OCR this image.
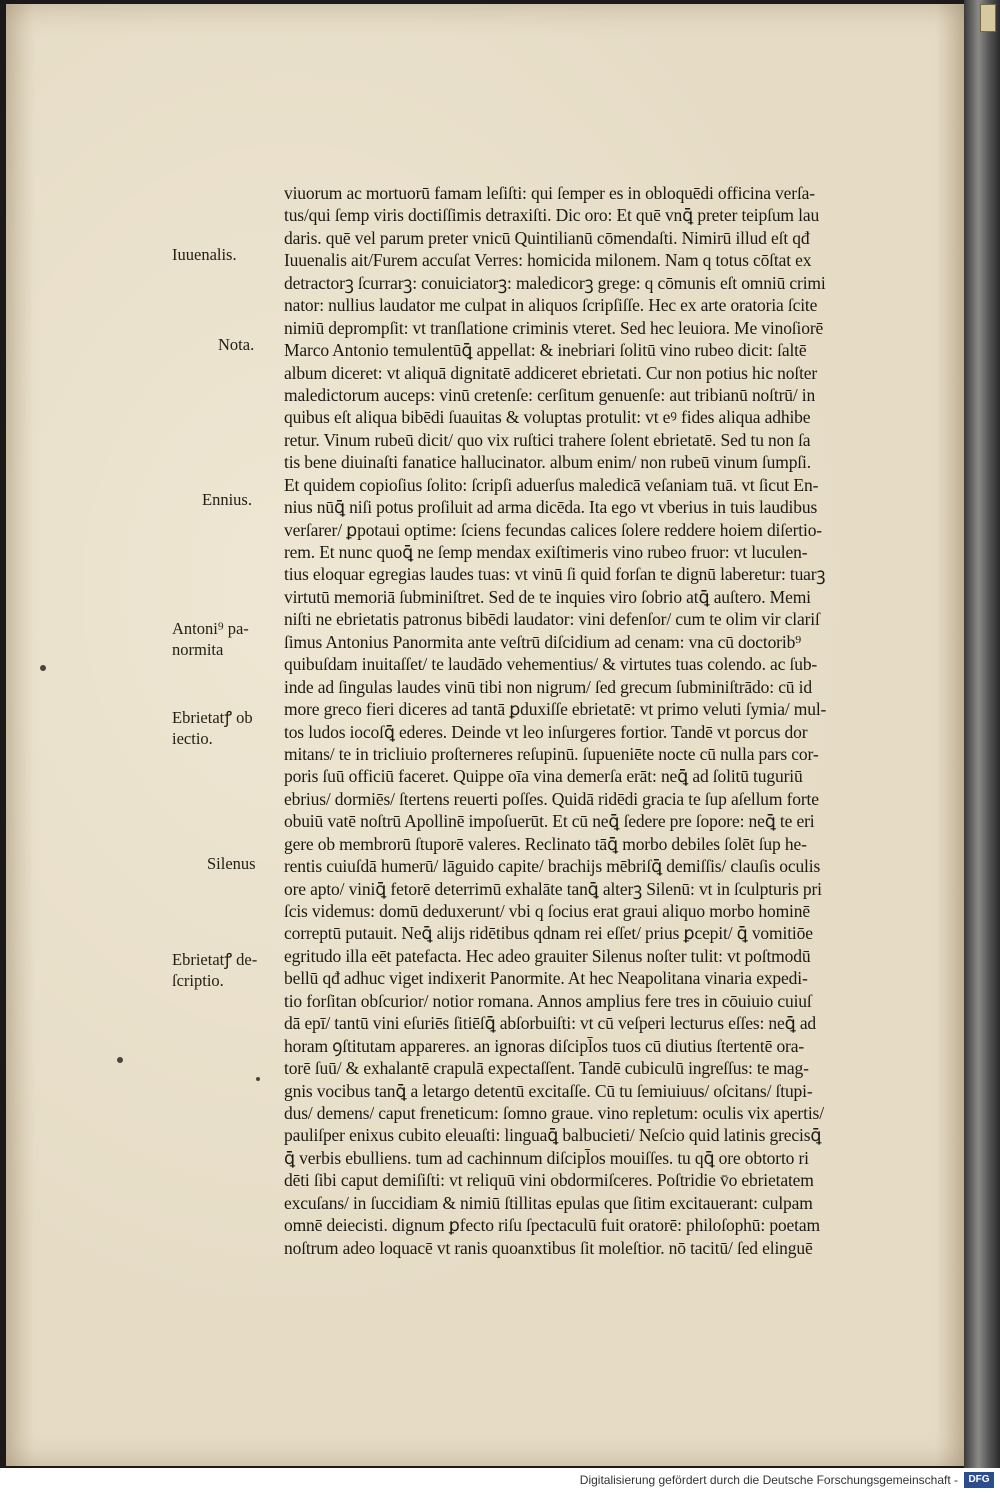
Iuuenalis.
Nota.
Ennius.
Antoni⁹ pa- normita
Ebrietatꝭ ob iectio.
Silenus
Ebrietatꝭ de- ſcriptio.
viuorum ac mortuorū famam leſiſti: qui ſemper es in obloquēdi officina verſa-
tus/qui ſemp viris doctiſſimis detraxiſti. Dic oro: Et quē vnꝗ̄ preter teipſum lau
daris. quē vel parum preter vnicū Quintilianū cōmendaſti. Nimirū illud eſt qđ
Iuuenalis ait/Furem accuſat Verres: homicida milonem. Nam q totus cōſtat ex
detractorꝫ ſcurrarꝫ: conuiciatorꝫ: maledicorꝫ grege: q cōmunis eſt omniū crimi
nator: nullius laudator me culpat in aliquos ſcripſiſſe. Hec ex arte oratoria ſcite
nimiū deprompſit: vt tranſlatione criminis vteret. Sed hec leuiora. Me vinoſiorē
Marco Antonio temulentūꝗ̄ appellat: & inebriari ſolitū vino rubeo dicit: ſaltē
album diceret: vt aliquā dignitatē addiceret ebrietati. Cur non potius hic noſter
maledictorum auceps: vinū cretenſe: cerſitum genuenſe: aut tribianū noſtrū/ in
quibus eſt aliqua bibēdi ſuauitas & voluptas protulit: vt eꝰ fides aliqua adhibe
retur. Vinum rubeū dicit/ quo vix ruſtici trahere ſolent ebrietatē. Sed tu non ſa
tis bene diuinaſti fanatice hallucinator. album enim/ non rubeū vinum ſumpſi.
Et quidem copioſius ſolito: ſcripſi aduerſus maledicā veſaniam tuā. vt ſicut En-
nius nūꝗ̄ niſi potus proſiluit ad arma dicēda. Ita ego vt vberius in tuis laudibus
verſarer/ ꝑpotaui optime: ſciens fecundas calices ſolere reddere hoiem diſertio-
rem. Et nunc quoꝗ̄ ne ſemp mendax exiſtimeris vino rubeo fruor: vt luculen-
tius eloquar egregias laudes tuas: vt vinū ſi quid forſan te dignū laberetur: tuarꝫ
virtutū memoriā ſubminiſtret. Sed de te inquies viro ſobrio atꝗ̄ auſtero. Memi
niſti ne ebrietatis patronus bibēdi laudator: vini defenſor/ cum te olim vir clariſ
ſimus Antonius Panormita ante veſtrū diſcidium ad cenam: vna cū doctorib⁹
quibuſdam inuitaſſet/ te laudādo vehementius/ & virtutes tuas colendo. ac ſub-
inde ad ſingulas laudes vinū tibi non nigrum/ ſed grecum ſubminiſtrādo: cū id
more greco fieri diceres ad tantā ꝑduxiſſe ebrietatē: vt primo veluti ſymia/ mul-
tos ludos iocoſꝗ̄ ederes. Deinde vt leo inſurgeres fortior. Tandē vt porcus dor
mitans/ te in tricliuio proſterneres reſupinū. ſupueniēte nocte cū nulla pars cor-
poris ſuū officiū faceret. Quippe oīa vina demerſa erāt: neꝗ̄ ad ſolitū tuguriū
ebrius/ dormiēs/ ſtertens reuerti poſſes. Quidā ridēdi gracia te ſup aſellum forte
obuiū vatē noſtrū Apollinē impoſuerūt. Et cū neꝗ̄ ſedere pre ſopore: neꝗ̄ te eri
gere ob membrorū ſtuporē valeres. Reclinato tāꝗ̄ morbo debiles ſolēt ſup he-
rentis cuiuſdā humerū/ lāguido capite/ brachijs mēbriſꝗ̄ demiſſis/ clauſis oculis
ore apto/ viniꝗ̄ fetorē deterrimū exhalāte tanꝗ̄ alterꝫ Silenū: vt in ſculpturis pri
ſcis videmus: domū deduxerunt/ vbi q ſocius erat graui aliquo morbo hominē
correptū putauit. Neꝗ̄ alijs ridētibus qdnam rei eſſet/ prius ꝑcepit/ ꝗ̄ vomitiōe
egritudo illa eēt patefacta. Hec adeo grauiter Silenus noſter tulit: vt poſtmodū
bellū qđ adhuc viget indixerit Panormite. At hec Neapolitana vinaria expedi-
tio forſitan obſcurior/ notior romana. Annos amplius fere tres in cōuiuio cuiuſ
dā epī/ tantū vini eſuriēs ſitiēſꝗ̄ abſorbuiſti: vt cū veſperi lecturus eſſes: neꝗ̄ ad
horam ꝯſtitutam appareres. an ignoras diſcipl̄os tuos cū diutius ſtertentē ora-
torē ſuū/ & exhalantē crapulā expectaſſent. Tandē cubiculū ingreſſus: te mag-
gnis vocibus tanꝗ̄ a letargo detentū excitaſſe. Cū tu ſemiuiuus/ oſcitans/ ſtupi-
dus/ demens/ caput freneticum: ſomno graue. vino repletum: oculis vix apertis/
pauliſper enixus cubito eleuaſti: linguaꝗ̄ balbucieti/ Neſcio quid latinis grecisꝗ̄
ꝗ̄ verbis ebulliens. tum ad cachinnum diſcipl̄os mouiſſes. tu qꝗ̄ ore obtorto ri
dēti ſibi caput demiſiſti: vt reliquū vini obdormiſceres. Poſtridie v̄o ebrietatem
excuſans/ in ſuccidiam & nimiū ſtillitas epulas que ſitim excitauerant: culpam
omnē deiecisti. dignum ꝑfecto riſu ſpectaculū fuit oratorē: philoſophū: poetam
noſtrum adeo loquacē vt ranis quoanxtibus ſit moleſtior. nō tacitū/ ſed elinguē
Digitalisierung gefördert durch die Deutsche Forschungsgemeinschaft -	DFG
